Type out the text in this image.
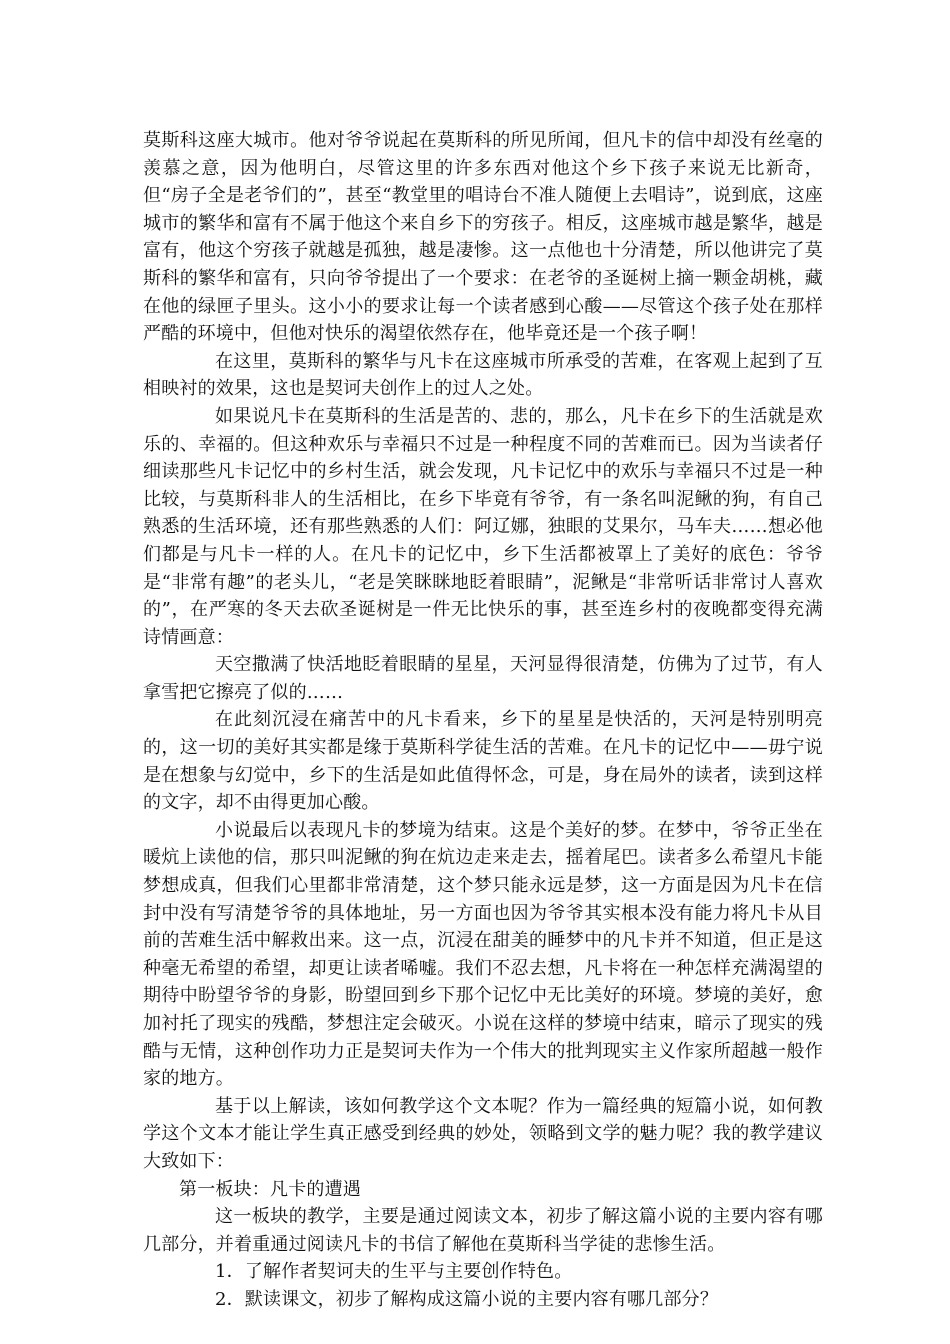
莫斯科这座大城市。他对爷爷说起在莫斯科的所见所闻，但凡卡的信中却没有丝毫的羡慕之意，因为他明白，尽管这里的许多东西对他这个乡下孩子来说无比新奇，但“房子全是老爷们的”，甚至“教堂里的唱诗台不准人随便上去唱诗”，说到底，这座城市的繁华和富有不属于他这个来自乡下的穷孩子。相反，这座城市越是繁华，越是富有，他这个穷孩子就越是孤独，越是凄惨。这一点他也十分清楚，所以他讲完了莫斯科的繁华和富有，只向爷爷提出了一个要求：在老爷的圣诞树上摘一颗金胡桃，藏在他的绿匣子里头。这小小的要求让每一个读者感到心酸——尽管这个孩子处在那样严酷的环境中，但他对快乐的渴望依然存在，他毕竟还是一个孩子啊！

在这里，莫斯科的繁华与凡卡在这座城市所承受的苦难，在客观上起到了互相映衬的效果，这也是契诃夫创作上的过人之处。

如果说凡卡在莫斯科的生活是苦的、悲的，那么，凡卡在乡下的生活就是欢乐的、幸福的。但这种欢乐与幸福只不过是一种程度不同的苦难而已。因为当读者仔细读那些凡卡记忆中的乡村生活，就会发现，凡卡记忆中的欢乐与幸福只不过是一种比较，与莫斯科非人的生活相比，在乡下毕竟有爷爷，有一条名叫泥鳅的狗，有自己熟悉的生活环境，还有那些熟悉的人们：阿辽娜，独眼的艾果尔，马车夫……想必他们都是与凡卡一样的人。在凡卡的记忆中，乡下生活都被罩上了美好的底色：爷爷是“非常有趣”的老头儿，“老是笑眯眯地眨着眼睛”，泥鳅是“非常听话非常讨人喜欢的”，在严寒的冬天去砍圣诞树是一件无比快乐的事，甚至连乡村的夜晚都变得充满诗情画意：

天空撒满了快活地眨着眼睛的星星，天河显得很清楚，仿佛为了过节，有人拿雪把它擦亮了似的……

在此刻沉浸在痛苦中的凡卡看来，乡下的星星是快活的，天河是特别明亮的，这一切的美好其实都是缘于莫斯科学徒生活的苦难。在凡卡的记忆中——毋宁说是在想象与幻觉中，乡下的生活是如此值得怀念，可是，身在局外的读者，读到这样的文字，却不由得更加心酸。

小说最后以表现凡卡的梦境为结束。这是个美好的梦。在梦中，爷爷正坐在暖炕上读他的信，那只叫泥鳅的狗在炕边走来走去，摇着尾巴。读者多么希望凡卡能梦想成真，但我们心里都非常清楚，这个梦只能永远是梦，这一方面是因为凡卡在信封中没有写清楚爷爷的具体地址，另一方面也因为爷爷其实根本没有能力将凡卡从目前的苦难生活中解救出来。这一点，沉浸在甜美的睡梦中的凡卡并不知道，但正是这种毫无希望的希望，却更让读者唏嘘。我们不忍去想，凡卡将在一种怎样充满渴望的期待中盼望爷爷的身影，盼望回到乡下那个记忆中无比美好的环境。梦境的美好，愈加衬托了现实的残酷，梦想注定会破灭。小说在这样的梦境中结束，暗示了现实的残酷与无情，这种创作功力正是契诃夫作为一个伟大的批判现实主义作家所超越一般作家的地方。

基于以上解读，该如何教学这个文本呢？作为一篇经典的短篇小说，如何教学这个文本才能让学生真正感受到经典的妙处，领略到文学的魅力呢？我的教学建议大致如下：

第一板块：凡卡的遭遇

这一板块的教学，主要是通过阅读文本，初步了解这篇小说的主要内容有哪几部分，并着重通过阅读凡卡的书信了解他在莫斯科当学徒的悲惨生活。

1．了解作者契诃夫的生平与主要创作特色。

2．默读课文，初步了解构成这篇小说的主要内容有哪几部分？
